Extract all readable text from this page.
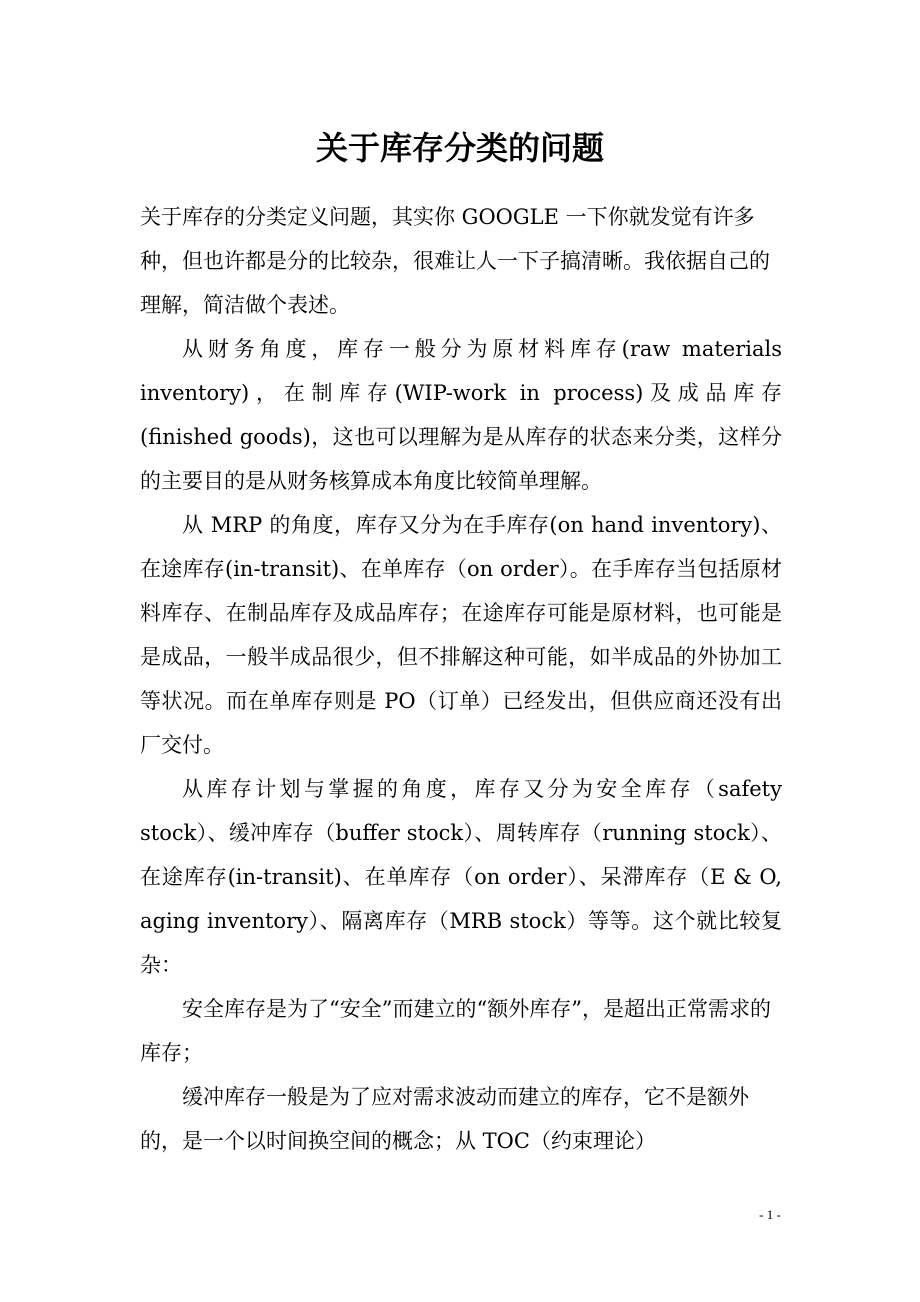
关于库存分类的问题

关于库存的分类定义问题，其实你 GOOGLE 一下你就发觉有许多种，但也许都是分的比较杂，很难让人一下子搞清晰。我依据自己的理解，简洁做个表述。

从财务角度，库存一般分为原材料库存(raw materials inventory)，在制库存(WIP-work in process)及成品库存(finished goods)，这也可以理解为是从库存的状态来分类，这样分的主要目的是从财务核算成本角度比较简单理解。

从 MRP 的角度，库存又分为在手库存(on hand inventory)、在途库存(in-transit)、在单库存（on order）。在手库存当包括原材料库存、在制品库存及成品库存；在途库存可能是原材料，也可能是是成品，一般半成品很少，但不排解这种可能，如半成品的外协加工等状况。而在单库存则是 PO（订单）已经发出，但供应商还没有出厂交付。

从库存计划与掌握的角度，库存又分为安全库存（safety stock）、缓冲库存（buffer stock）、周转库存（running stock）、在途库存(in-transit)、在单库存（on order）、呆滞库存（E & O, aging inventory）、隔离库存（MRB stock）等等。这个就比较复杂：

安全库存是为了“安全”而建立的“额外库存”，是超出正常需求的库存；

缓冲库存一般是为了应对需求波动而建立的库存，它不是额外的，是一个以时间换空间的概念；从 TOC（约束理论）

- 1 -
